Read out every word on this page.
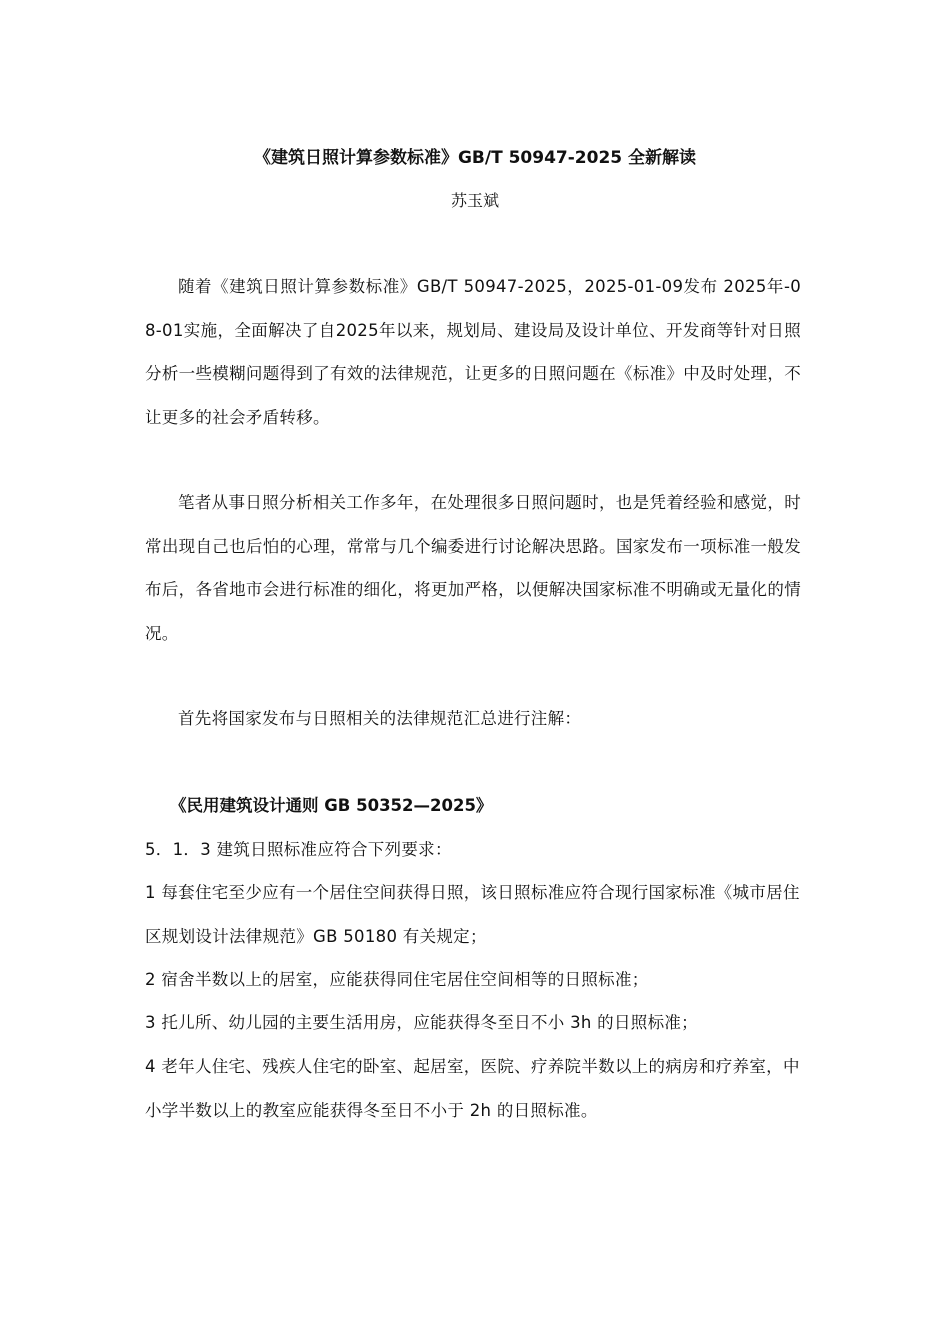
《建筑日照计算参数标准》GB/T 50947-2025 全新解读
苏玉斌

随着《建筑日照计算参数标准》GB/T 50947-2025，2025-01-09发布 2025年-08-01实施，全面解决了自2025年以来，规划局、建设局及设计单位、开发商等针对日照分析一些模糊问题得到了有效的法律规范，让更多的日照问题在《标准》中及时处理，不让更多的社会矛盾转移。

笔者从事日照分析相关工作多年，在处理很多日照问题时，也是凭着经验和感觉，时常出现自己也后怕的心理，常常与几个编委进行讨论解决思路。国家发布一项标准一般发布后，各省地市会进行标准的细化，将更加严格，以便解决国家标准不明确或无量化的情况。

首先将国家发布与日照相关的法律规范汇总进行注解：

《民用建筑设计通则 GB 50352—2025》

5．1．3 建筑日照标准应符合下列要求：

1 每套住宅至少应有一个居住空间获得日照，该日照标准应符合现行国家标准《城市居住区规划设计法律规范》GB 50180 有关规定；

2 宿舍半数以上的居室，应能获得同住宅居住空间相等的日照标准；

3 托儿所、幼儿园的主要生活用房，应能获得冬至日不小 3h 的日照标准；

4 老年人住宅、残疾人住宅的卧室、起居室，医院、疗养院半数以上的病房和疗养室，中小学半数以上的教室应能获得冬至日不小于 2h 的日照标准。
